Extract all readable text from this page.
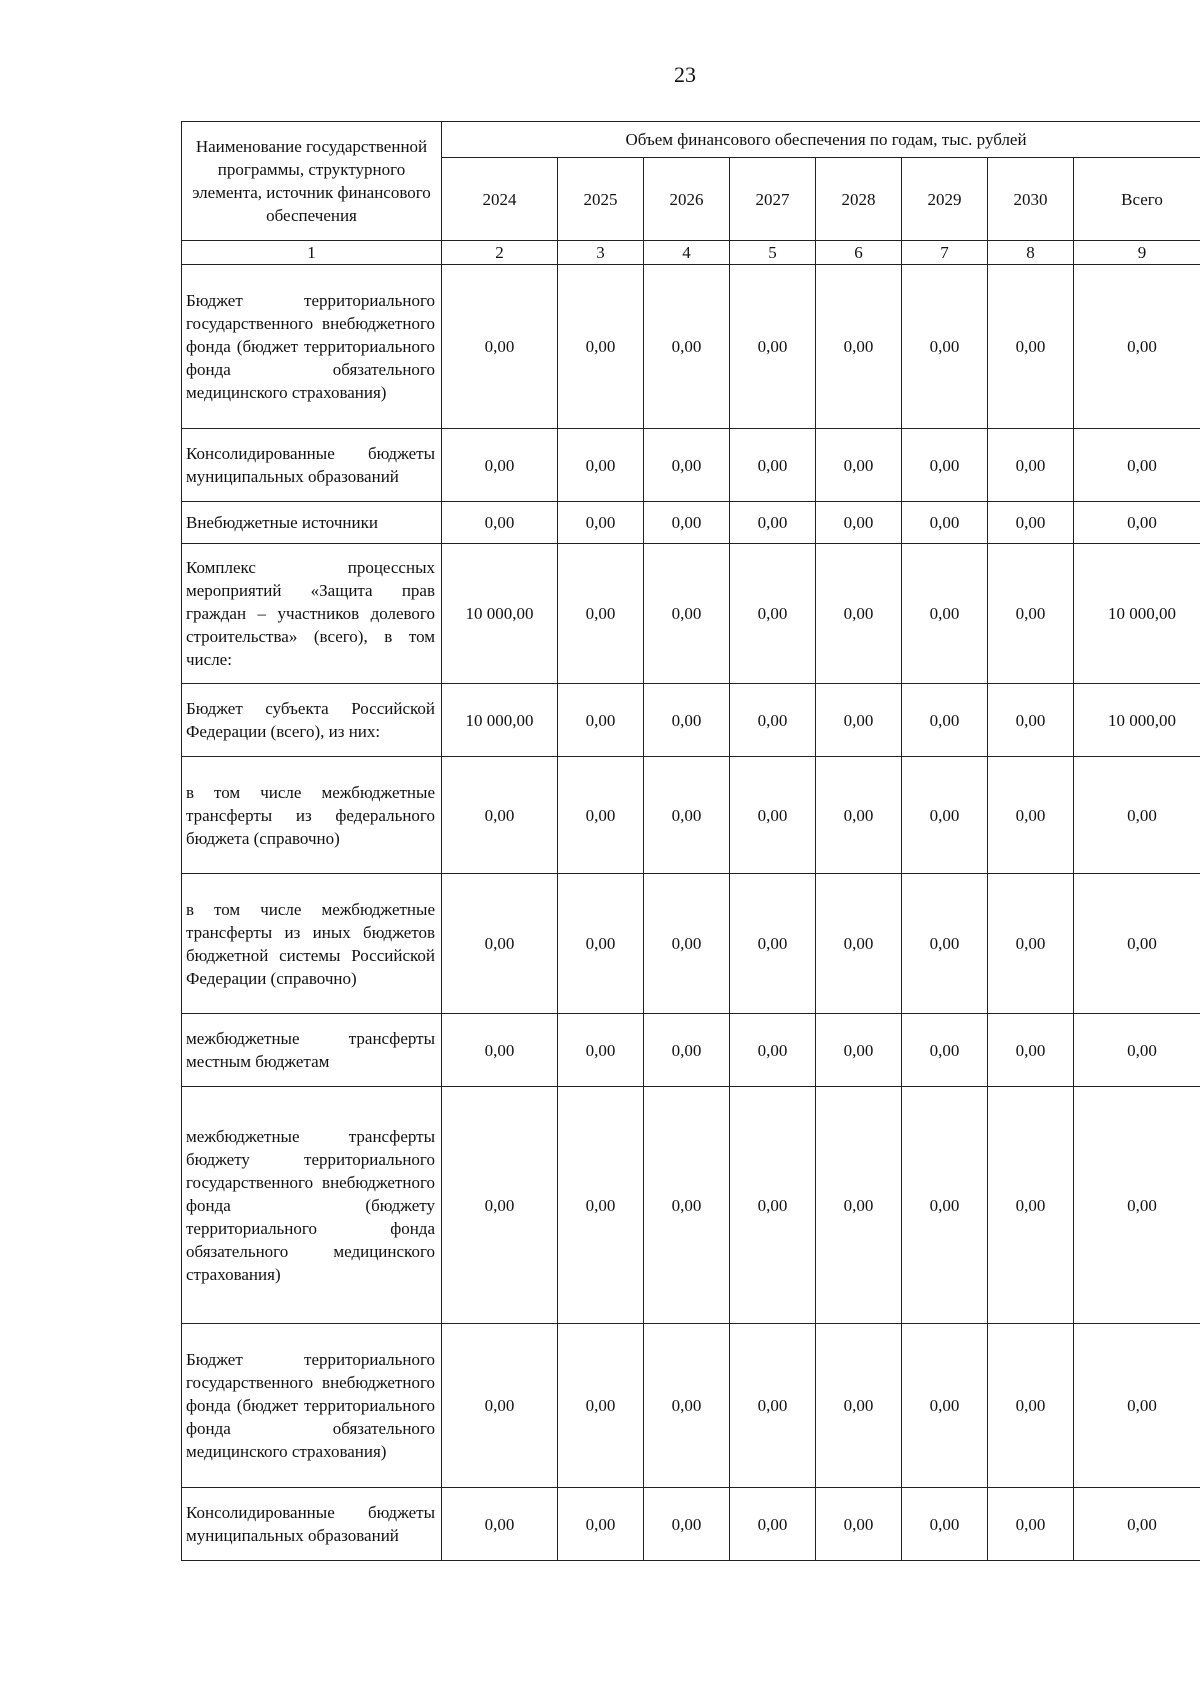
23
Наименование государственной программы, структурного элемента, источник финансового обеспечения	Объем финансового обеспечения по годам, тыс. рублей							
	2024	2025	2026	2027	2028	2029	2030	Всего
1	2	3	4	5	6	7	8	9
Бюджет территориального государственного внебюджетного фонда (бюджет территориального фонда обязательного медицинского страхования)	0,00	0,00	0,00	0,00	0,00	0,00	0,00	0,00
Консолидированные бюджеты муниципальных образований	0,00	0,00	0,00	0,00	0,00	0,00	0,00	0,00
Внебюджетные источники	0,00	0,00	0,00	0,00	0,00	0,00	0,00	0,00
Комплекс процессных мероприятий «Защита прав граждан – участников долевого строительства» (всего), в том числе:	10 000,00	0,00	0,00	0,00	0,00	0,00	0,00	10 000,00
Бюджет субъекта Российской Федерации (всего), из них:	10 000,00	0,00	0,00	0,00	0,00	0,00	0,00	10 000,00
в том числе межбюджетные трансферты из федерального бюджета (справочно)	0,00	0,00	0,00	0,00	0,00	0,00	0,00	0,00
в том числе межбюджетные трансферты из иных бюджетов бюджетной системы Российской Федерации (справочно)	0,00	0,00	0,00	0,00	0,00	0,00	0,00	0,00
межбюджетные трансферты местным бюджетам	0,00	0,00	0,00	0,00	0,00	0,00	0,00	0,00
межбюджетные трансферты бюджету территориального государственного внебюджетного фонда (бюджету территориального фонда обязательного медицинского страхования)	0,00	0,00	0,00	0,00	0,00	0,00	0,00	0,00
Бюджет территориального государственного внебюджетного фонда (бюджет территориального фонда обязательного медицинского страхования)	0,00	0,00	0,00	0,00	0,00	0,00	0,00	0,00
Консолидированные бюджеты муниципальных образований	0,00	0,00	0,00	0,00	0,00	0,00	0,00	0,00
